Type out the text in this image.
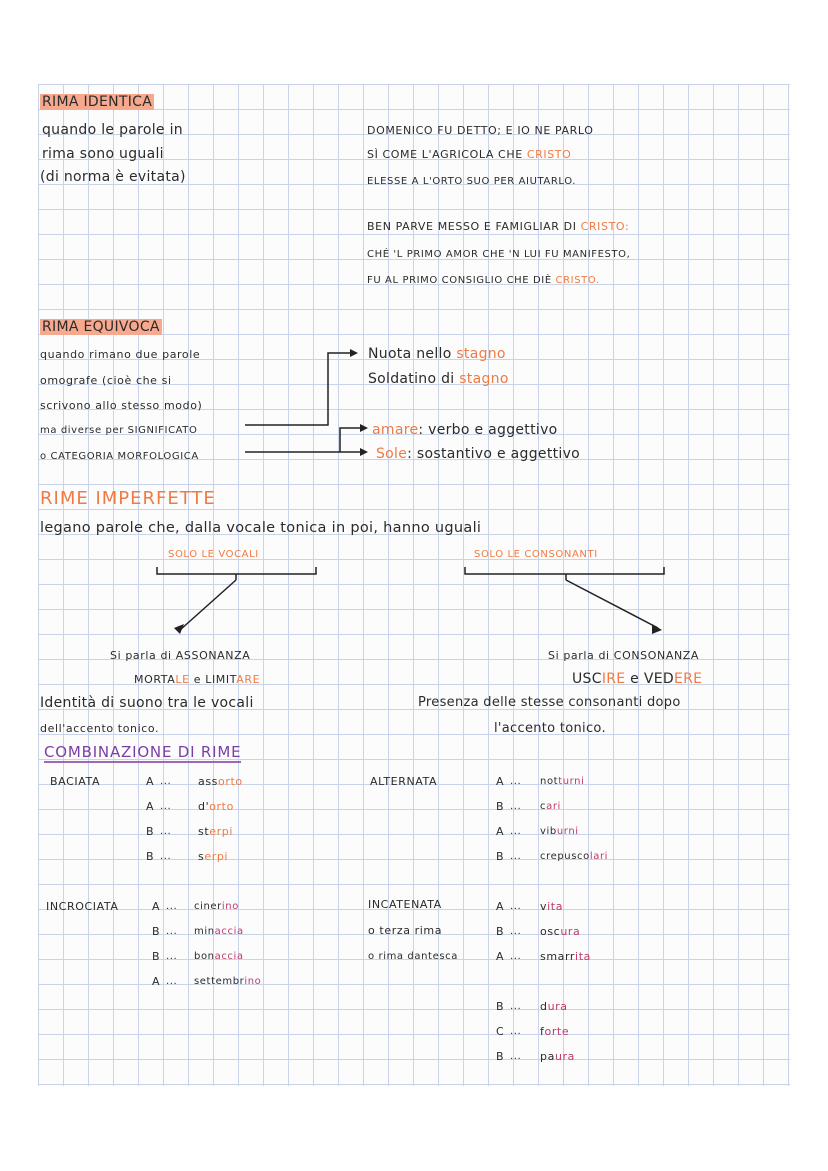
RIMA IDENTICA
quando le parole in
rima sono uguali
(di norma è evitata)
DOMENICO FU DETTO; E IO NE PARLO
SÌ COME L'AGRICOLA CHE CRISTO
ELESSE A L'ORTO SUO PER AIUTARLO.
BEN PARVE MESSO E FAMIGLIAR DI CRISTO:
CHÉ 'L PRIMO AMOR CHE 'N LUI FU MANIFESTO,
FU AL PRIMO CONSIGLIO CHE DIÈ CRISTO.
RIMA EQUIVOCA
quando rimano due parole
omografe (cioè che si
scrivono allo stesso modo)
ma diverse per SIGNIFICATO
o CATEGORIA MORFOLOGICA
Nuota nello stagno
Soldatino di stagno
amare: verbo e aggettivo
Sole: sostantivo e aggettivo
RIME IMPERFETTE
legano parole che, dalla vocale tonica in poi, hanno uguali
SOLO LE VOCALI	SOLO LE CONSONANTI
Si parla di ASSONANZA
MORTALE e LIMITARE
Identità di suono tra le vocali
dell'accento tonico.
Si parla di CONSONANZA
USCIRE e VEDERE
Presenza delle stesse consonanti dopo
l'accento tonico.
COMBINAZIONE DI RIME
BACIATA	A ... assorto
A ... d'orto
B ... sterpi
B ... serpi
ALTERNATA	A ... notturni
B ... cari
A ... viburni
B ... crepuscolari
INCROCIATA	A ... cinerino
B ... minaccia
B ... bonaccia
A ... settembrino
INCATENATA
o terza rima
o rima dantesca
A ... vita
B ... oscura
A ... smarrita
B ... dura
C ... forte
B ... paura
